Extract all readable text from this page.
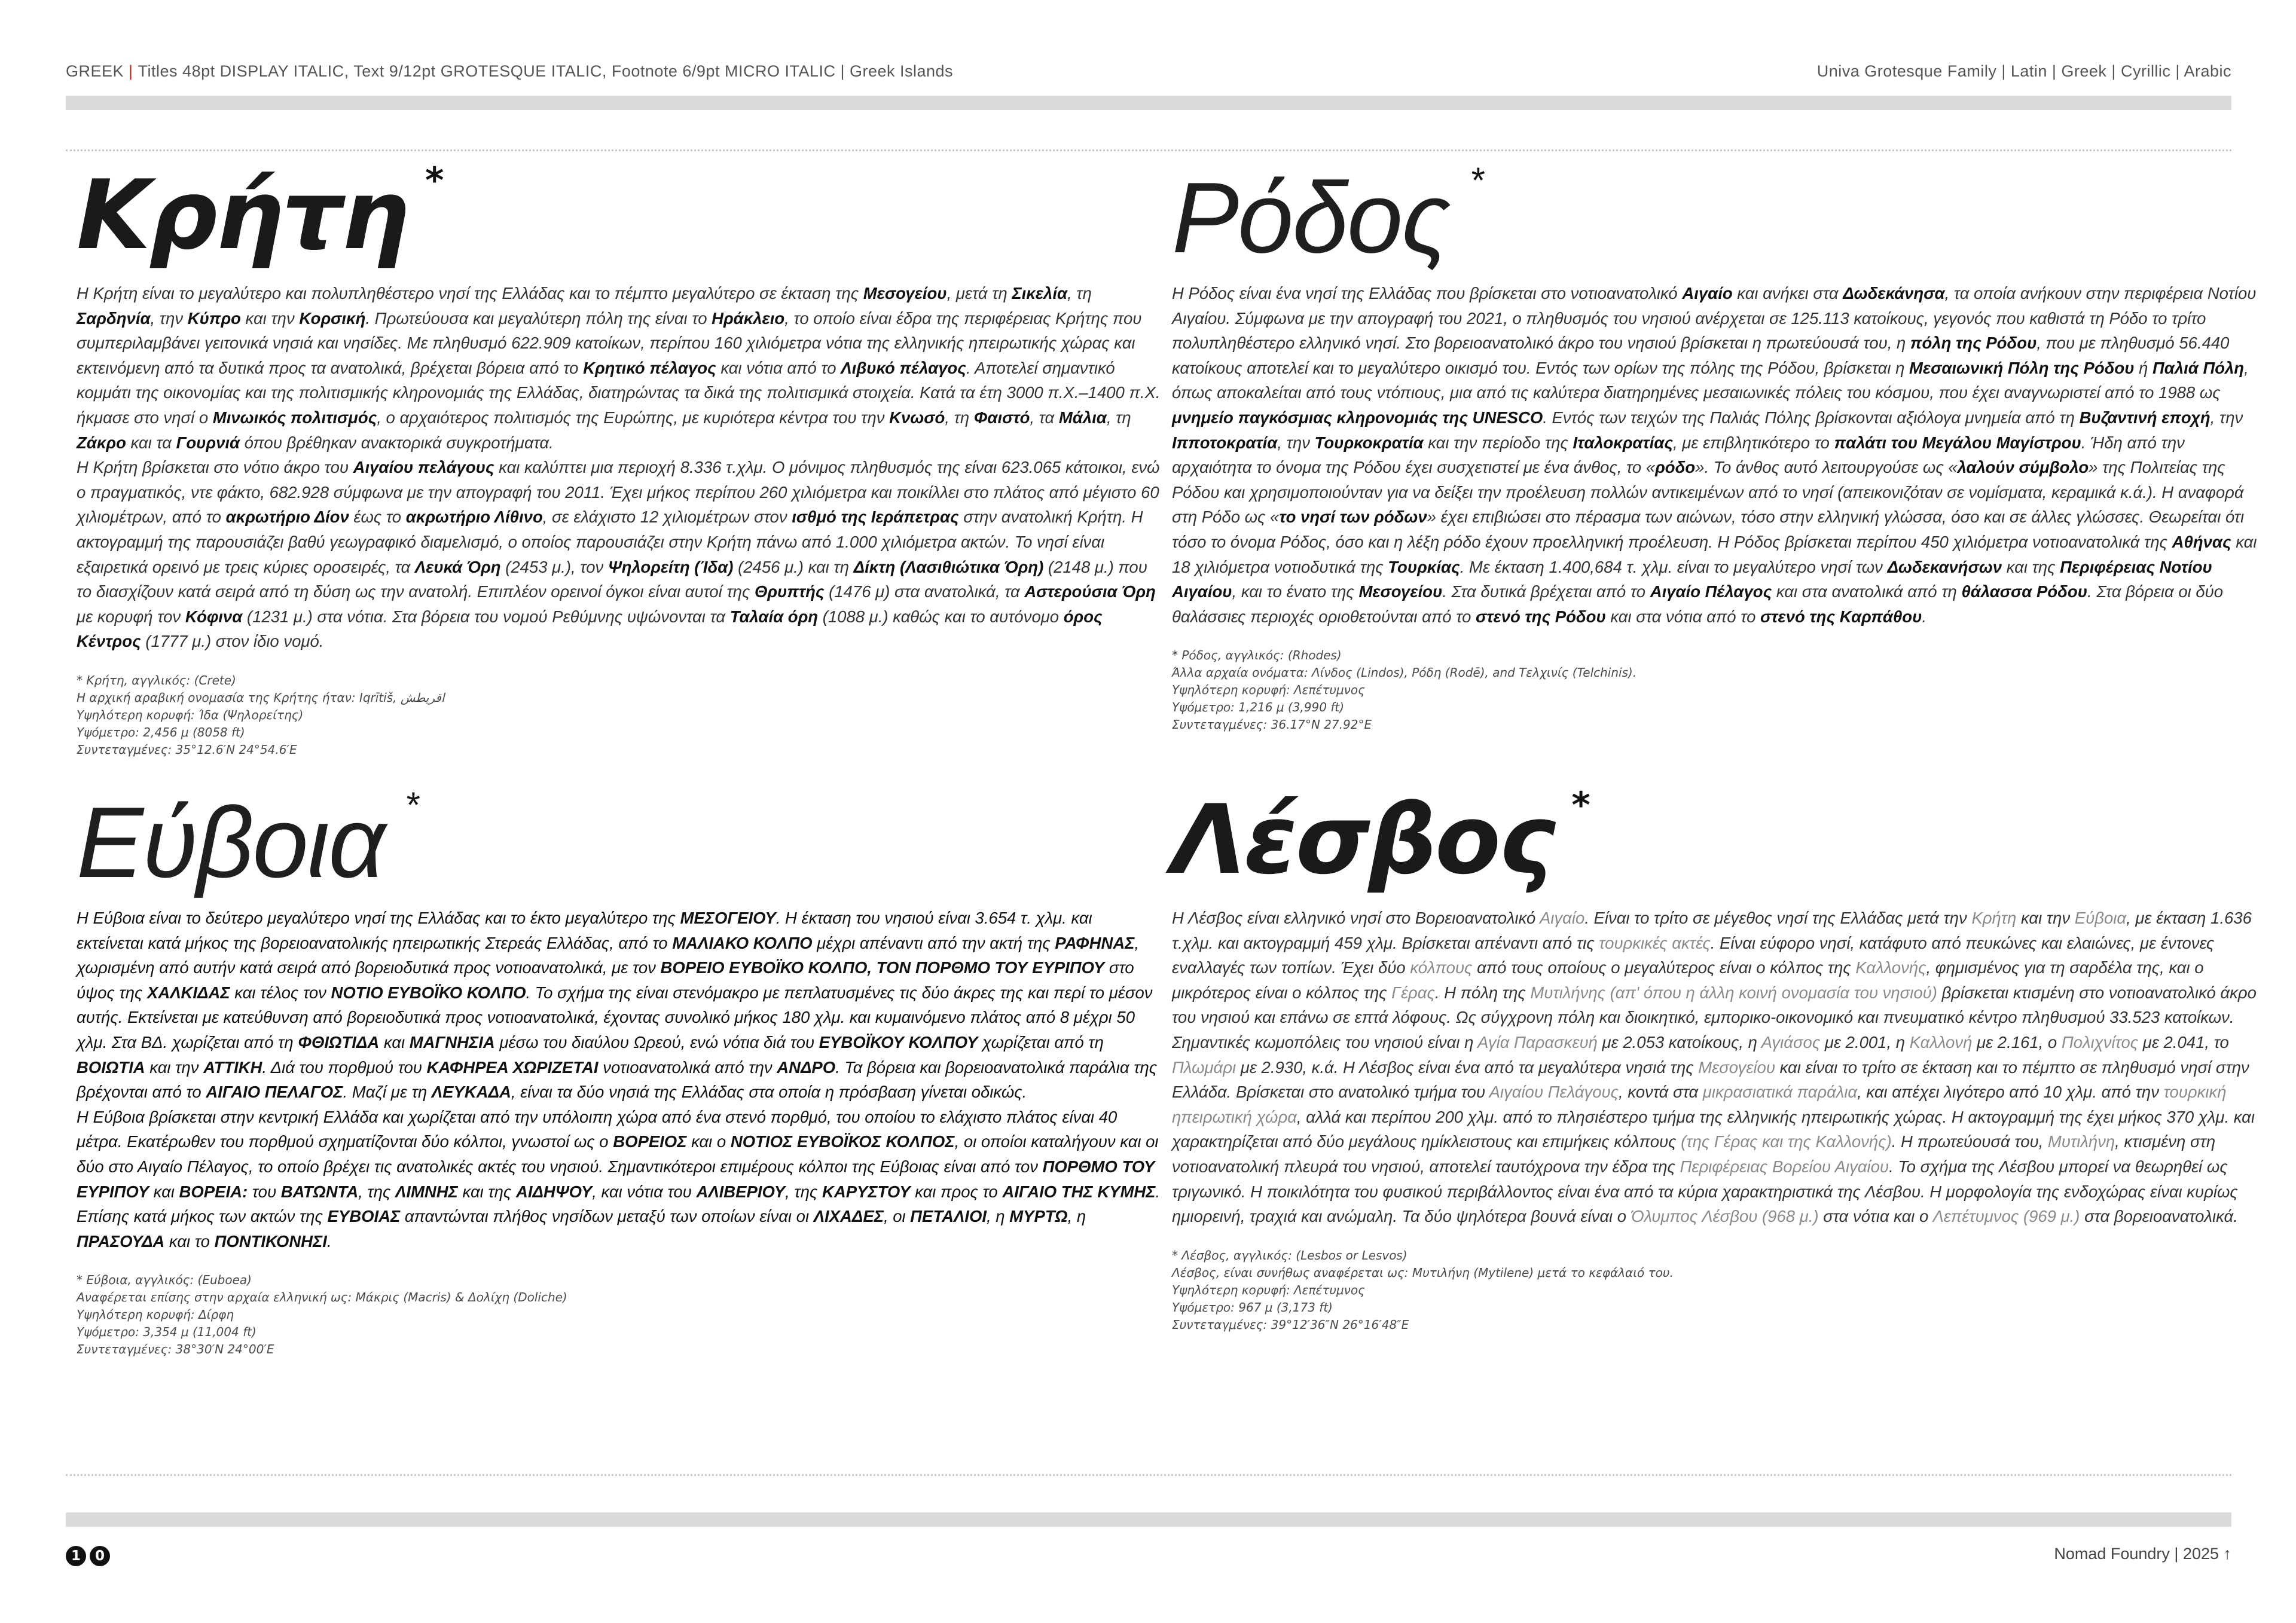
GREEK | Titles 48pt DISPLAY ITALIC, Text 9/12pt GROTESQUE ITALIC, Footnote 6/9pt MICRO ITALIC | Greek Islands	Univa Grotesque Family | Latin | Greek | Cyrillic | Arabic
Κρήτη *
Η Κρήτη είναι το μεγαλύτερο και πολυπληθέστερο νησί της Ελλάδας και το πέμπτο μεγαλύτερο σε έκταση της Μεσογείου, μετά τη Σικελία, τη Σαρδηνία, την Κύπρο και την Κορσική. Πρωτεύουσα και μεγαλύτερη πόλη της είναι το Ηράκλειο, το οποίο είναι έδρα της περιφέρειας Κρήτης που συμπεριλαμβάνει γειτονικά νησιά και νησίδες. Με πληθυσμό 622.909 κατοίκων, περίπου 160 χιλιόμετρα νότια της ελληνικής ηπειρωτικής χώρας και εκτεινόμενη από τα δυτικά προς τα ανατολικά, βρέχεται βόρεια από το Κρητικό πέλαγος και νότια από το Λιβυκό πέλαγος. Αποτελεί σημαντικό κομμάτι της οικονομίας και της πολιτισμικής κληρονομιάς της Ελλάδας, διατηρώντας τα δικά της πολιτισμικά στοιχεία. Κατά τα έτη 3000 π.Χ.–1400 π.Χ. ήκμασε στο νησί ο Μινωικός πολιτισμός, ο αρχαιότερος πολιτισμός της Ευρώπης, με κυριότερα κέντρα του την Κνωσό, τη Φαιστό, τα Μάλια, τη Ζάκρο και τα Γουρνιά όπου βρέθηκαν ανακτορικά συγκροτήματα.
Η Κρήτη βρίσκεται στο νότιο άκρο του Αιγαίου πελάγους και καλύπτει μια περιοχή 8.336 τ.χλμ. Ο μόνιμος πληθυσμός της είναι 623.065 κάτοικοι, ενώ ο πραγματικός, ντε φάκτο, 682.928 σύμφωνα με την απογραφή του 2011. Έχει μήκος περίπου 260 χιλιόμετρα και ποικίλλει στο πλάτος από μέγιστο 60 χιλιομέτρων, από το ακρωτήριο Δίον έως το ακρωτήριο Λίθινο, σε ελάχιστο 12 χιλιομέτρων στον ισθμό της Ιεράπετρας στην ανατολική Κρήτη. Η ακτογραμμή της παρουσιάζει βαθύ γεωγραφικό διαμελισμό, ο οποίος παρουσιάζει στην Κρήτη πάνω από 1.000 χιλιόμετρα ακτών. Το νησί είναι εξαιρετικά ορεινό με τρεις κύριες οροσειρές, τα Λευκά Όρη (2453 μ.), τον Ψηλορείτη (Ίδα) (2456 μ.) και τη Δίκτη (Λασιθιώτικα Όρη) (2148 μ.) που το διασχίζουν κατά σειρά από τη δύση ως την ανατολή. Επιπλέον ορεινοί όγκοι είναι αυτοί της Θρυπτής (1476 μ) στα ανατολικά, τα Αστερούσια Όρη με κορυφή τον Κόφινα (1231 μ.) στα νότια. Στα βόρεια του νομού Ρεθύμνης υψώνονται τα Ταλαία όρη (1088 μ.) καθώς και το αυτόνομο όρος Κέντρος (1777 μ.) στον ίδιο νομό.
* Κρήτη, αγγλικός: (Crete)
Η αρχική αραβική ονομασία της Κρήτης ήταν: Iqrītiš, اقريطش
Υψηλότερη κορυφή: Ίδα (Ψηλορείτης)
Υψόμετρο: 2,456 μ (8058 ft)
Συντεταγμένες: 35°12.6′N 24°54.6′E
Ρόδος *
Η Ρόδος είναι ένα νησί της Ελλάδας που βρίσκεται στο νοτιοανατολικό Αιγαίο και ανήκει στα Δωδεκάνησα, τα οποία ανήκουν στην περιφέρεια Νοτίου Αιγαίου. Σύμφωνα με την απογραφή του 2021, ο πληθυσμός του νησιού ανέρχεται σε 125.113 κατοίκους, γεγονός που καθιστά τη Ρόδο το τρίτο πολυπληθέστερο ελληνικό νησί. Στο βορειοανατολικό άκρο του νησιού βρίσκεται η πρωτεύουσά του, η πόλη της Ρόδου, που με πληθυσμό 56.440 κατοίκους αποτελεί και το μεγαλύτερο οικισμό του. Εντός των ορίων της πόλης της Ρόδου, βρίσκεται η Μεσαιωνική Πόλη της Ρόδου ή Παλιά Πόλη, όπως αποκαλείται από τους ντόπιους, μια από τις καλύτερα διατηρημένες μεσαιωνικές πόλεις του κόσμου, που έχει αναγνωριστεί από το 1988 ως μνημείο παγκόσμιας κληρονομιάς της UNESCO. Εντός των τειχών της Παλιάς Πόλης βρίσκονται αξιόλογα μνημεία από τη Βυζαντινή εποχή, την Ιπποτοκρατία, την Τουρκοκρατία και την περίοδο της Ιταλοκρατίας, με επιβλητικότερο το παλάτι του Μεγάλου Μαγίστρου. Ήδη από την αρχαιότητα το όνομα της Ρόδου έχει συσχετιστεί με ένα άνθος, το «ρόδο». Το άνθος αυτό λειτουργούσε ως «λαλούν σύμβολο» της Πολιτείας της Ρόδου και χρησιμοποιούνταν για να δείξει την προέλευση πολλών αντικειμένων από το νησί (απεικονιζόταν σε νομίσματα, κεραμικά κ.ά.). Η αναφορά στη Ρόδο ως «το νησί των ρόδων» έχει επιβιώσει στο πέρασμα των αιώνων, τόσο στην ελληνική γλώσσα, όσο και σε άλλες γλώσσες. Θεωρείται ότι τόσο το όνομα Ρόδος, όσο και η λέξη ρόδο έχουν προελληνική προέλευση. Η Ρόδος βρίσκεται περίπου 450 χιλιόμετρα νοτιοανατολικά της Αθήνας και 18 χιλιόμετρα νοτιοδυτικά της Τουρκίας. Με έκταση 1.400,684 τ. χλμ. είναι το μεγαλύτερο νησί των Δωδεκανήσων και της Περιφέρειας Νοτίου Αιγαίου, και το ένατο της Μεσογείου. Στα δυτικά βρέχεται από το Αιγαίο Πέλαγος και στα ανατολικά από τη θάλασσα Ρόδου. Στα βόρεια οι δύο θαλάσσιες περιοχές οριοθετούνται από το στενό της Ρόδου και στα νότια από το στενό της Καρπάθου.
* Ρόδος, αγγλικός: (Rhodes)
Άλλα αρχαία ονόματα: Λίνδος (Lindos), Ρόδη (Rodē), and Τελχινίς (Telchinis).
Υψηλότερη κορυφή: Λεπέτυμνος
Υψόμετρο: 1,216 μ (3,990 ft)
Συντεταγμένες: 36.17°N 27.92°E
Εύβοια *
Η Εύβοια είναι το δεύτερο μεγαλύτερο νησί της Ελλάδας και το έκτο μεγαλύτερο της ΜΕΣΟΓΕΙΟΥ. Η έκταση του νησιού είναι 3.654 τ. χλμ. και εκτείνεται κατά μήκος της βορειοανατολικής ηπειρωτικής Στερεάς Ελλάδας, από το ΜΑΛΙΑΚΟ ΚΟΛΠΟ μέχρι απέναντι από την ακτή της ΡΑΦΗΝΑΣ, χωρισμένη από αυτήν κατά σειρά από βορειοδυτικά προς νοτιοανατολικά, με τον ΒΟΡΕΙΟ ΕΥΒΟΪΚΟ ΚΟΛΠΟ, ΤΟΝ ΠΟΡΘΜΟ ΤΟΥ ΕΥΡΙΠΟΥ στο ύψος της ΧΑΛΚΙΔΑΣ και τέλος τον ΝΟΤΙΟ ΕΥΒΟΪΚΟ ΚΟΛΠΟ. Το σχήμα της είναι στενόμακρο με πεπλατυσμένες τις δύο άκρες της και περί το μέσον αυτής. Εκτείνεται με κατεύθυνση από βορειοδυτικά προς νοτιοανατολικά, έχοντας συνολικό μήκος 180 χλμ. και κυμαινόμενο πλάτος από 8 μέχρι 50 χλμ. Στα ΒΔ. χωρίζεται από τη ΦΘΙΩΤΙΔΑ και ΜΑΓΝΗΣΙΑ μέσω του διαύλου Ωρεού, ενώ νότια διά του ΕΥΒΟΪΚΟΥ ΚΟΛΠΟΥ χωρίζεται από τη ΒΟΙΩΤΙΑ και την ΑΤΤΙΚΗ. Διά του πορθμού του ΚΑΦΗΡΕΑ ΧΩΡΙΖΕΤΑΙ νοτιοανατολικά από την ΑΝΔΡΟ. Τα βόρεια και βορειοανατολικά παράλια της βρέχονται από το ΑΙΓΑΙΟ ΠΕΛΑΓΟΣ. Μαζί με τη ΛΕΥΚΑΔΑ, είναι τα δύο νησιά της Ελλάδας στα οποία η πρόσβαση γίνεται οδικώς.
Η Εύβοια βρίσκεται στην κεντρική Ελλάδα και χωρίζεται από την υπόλοιπη χώρα από ένα στενό πορθμό, του οποίου το ελάχιστο πλάτος είναι 40 μέτρα. Εκατέρωθεν του πορθμού σχηματίζονται δύο κόλποι, γνωστοί ως ο ΒΟΡΕΙΟΣ και ο ΝΟΤΙΟΣ ΕΥΒΟΪΚΟΣ ΚΟΛΠΟΣ, οι οποίοι καταλήγουν και οι δύο στο Αιγαίο Πέλαγος, το οποίο βρέχει τις ανατολικές ακτές του νησιού. Σημαντικότεροι επιμέρους κόλποι της Εύβοιας είναι από τον ΠΟΡΘΜΟ ΤΟΥ ΕΥΡΙΠΟΥ και ΒΟΡΕΙΑ: του ΒΑΤΩΝΤΑ, της ΛΙΜΝΗΣ και της ΑΙΔΗΨΟΥ, και νότια του ΑΛΙΒΕΡΙΟΥ, της ΚΑΡΥΣΤΟΥ και προς το ΑΙΓΑΙΟ ΤΗΣ ΚΥΜΗΣ. Επίσης κατά μήκος των ακτών της ΕΥΒΟΙΑΣ απαντώνται πλήθος νησίδων μεταξύ των οποίων είναι οι ΛΙΧΑΔΕΣ, οι ΠΕΤΑΛΙΟΙ, η ΜΥΡΤΩ, η ΠΡΑΣΟΥΔΑ και το ΠΟΝΤΙΚΟΝΗΣΙ.
* Εύβοια, αγγλικός: (Euboea)
Αναφέρεται επίσης στην αρχαία ελληνική ως: Μάκρις (Macris) & Δολίχη (Doliche)
Υψηλότερη κορυφή: Δίρφη
Υψόμετρο: 3,354 μ (11,004 ft)
Συντεταγμένες: 38°30′N 24°00′E
Λέσβος *
Η Λέσβος είναι ελληνικό νησί στο Βορειοανατολικό Αιγαίο. Είναι το τρίτο σε μέγεθος νησί της Ελλάδας μετά την Κρήτη και την Εύβοια, με έκταση 1.636 τ.χλμ. και ακτογραμμή 459 χλμ. Βρίσκεται απέναντι από τις τουρκικές ακτές. Είναι εύφορο νησί, κατάφυτο από πευκώνες και ελαιώνες, με έντονες εναλλαγές των τοπίων. Έχει δύο κόλπους από τους οποίους ο μεγαλύτερος είναι ο κόλπος της Καλλονής, φημισμένος για τη σαρδέλα της, και ο μικρότερος είναι ο κόλπος της Γέρας. Η πόλη της Μυτιλήνης (απ' όπου η άλλη κοινή ονομασία του νησιού) βρίσκεται κτισμένη στο νοτιοανατολικό άκρο του νησιού και επάνω σε επτά λόφους. Ως σύγχρονη πόλη και διοικητικό, εμπορικο-οικονομικό και πνευματικό κέντρο πληθυσμού 33.523 κατοίκων. Σημαντικές κωμοπόλεις του νησιού είναι η Αγία Παρασκευή με 2.053 κατοίκους, η Αγιάσος με 2.001, η Καλλονή με 2.161, ο Πολιχνίτος με 2.041, το Πλωμάρι με 2.930, κ.ά. Η Λέσβος είναι ένα από τα μεγαλύτερα νησιά της Μεσογείου και είναι το τρίτο σε έκταση και το πέμπτο σε πληθυσμό νησί στην Ελλάδα. Βρίσκεται στο ανατολικό τμήμα του Αιγαίου Πελάγους, κοντά στα μικρασιατικά παράλια, και απέχει λιγότερο από 10 χλμ. από την τουρκική ηπειρωτική χώρα, αλλά και περίπου 200 χλμ. από το πλησιέστερο τμήμα της ελληνικής ηπειρωτικής χώρας. Η ακτογραμμή της έχει μήκος 370 χλμ. και χαρακτηρίζεται από δύο μεγάλους ημίκλειστους και επιμήκεις κόλπους (της Γέρας και της Καλλονής). Η πρωτεύουσά του, Μυτιλήνη, κτισμένη στη νοτιοανατολική πλευρά του νησιού, αποτελεί ταυτόχρονα την έδρα της Περιφέρειας Βορείου Αιγαίου. Το σχήμα της Λέσβου μπορεί να θεωρηθεί ως τριγωνικό. Η ποικιλότητα του φυσικού περιβάλλοντος είναι ένα από τα κύρια χαρακτηριστικά της Λέσβου. Η μορφολογία της ενδοχώρας είναι κυρίως ημιορεινή, τραχιά και ανώμαλη. Τα δύο ψηλότερα βουνά είναι ο Όλυμπος Λέσβου (968 μ.) στα νότια και ο Λεπέτυμνος (969 μ.) στα βορειοανατολικά.
* Λέσβος, αγγλικός: (Lesbos or Lesvos)
Λέσβος, είναι συνήθως αναφέρεται ως: Μυτιλήνη (Mytilene) μετά το κεφάλαιό του.
Υψηλότερη κορυφή: Λεπέτυμνος
Υψόμετρο: 967 μ (3,173 ft)
Συντεταγμένες: 39°12′36″N 26°16′48″E
1	0	Nomad Foundry | 2025 ↑
